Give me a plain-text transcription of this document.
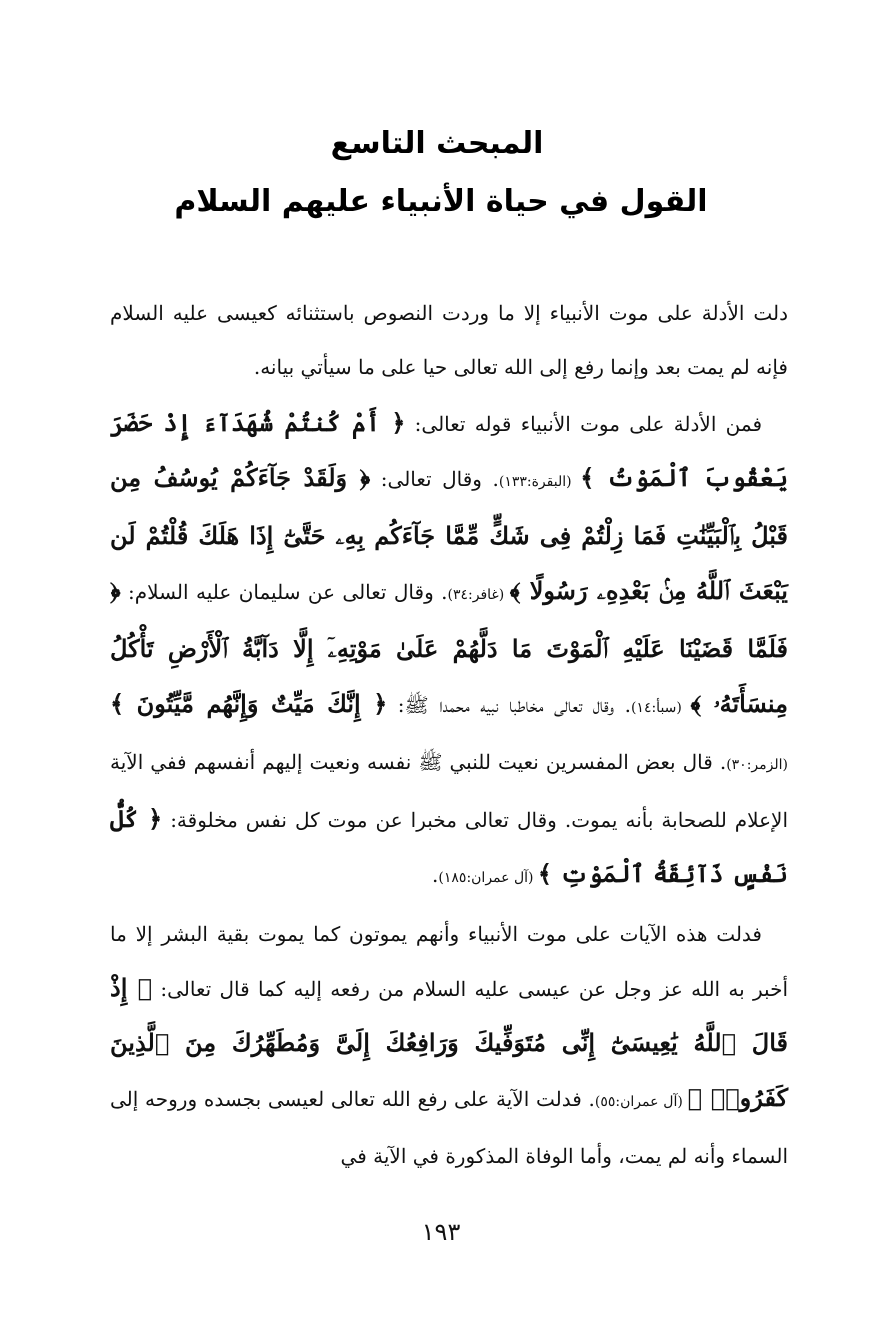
المبحث التاسع
القول في حياة الأنبياء عليهم السلام

دلت الأدلة على موت الأنبياء إلا ما وردت النصوص باستثنائه كعيسى عليه السلام فإنه لم يمت بعد وإنما رفع إلى الله تعالى حيا على ما سيأتي بيانه.

فمن الأدلة على موت الأنبياء قوله تعالى: ﴿ أَمْ كُنتُمْ شُهَدَآءَ إِذْ حَضَرَ يَعْقُوبَ ٱلْمَوْتُ ﴾ (البقرة:١٣٣). وقال تعالى: ﴿ وَلَقَدْ جَآءَكُمْ يُوسُفُ مِن قَبْلُ بِٱلْبَيِّنَٰتِ فَمَا زِلْتُمْ فِى شَكٍّ مِّمَّا جَآءَكُم بِهِۦ حَتَّىٰٓ إِذَا هَلَكَ قُلْتُمْ لَن يَبْعَثَ ٱللَّهُ مِنۢ بَعْدِهِۦ رَسُولًا ﴾ (غافر:٣٤). وقال تعالى عن سليمان عليه السلام: ﴿ فَلَمَّا قَضَيْنَا عَلَيْهِ ٱلْمَوْتَ مَا دَلَّهُمْ عَلَىٰ مَوْتِهِۦٓ إِلَّا دَآبَّةُ ٱلْأَرْضِ تَأْكُلُ مِنسَأَتَهُۥ ﴾ (سبأ:١٤). وقال تعالى مخاطبا نبيه محمدا ﷺ: ﴿ إِنَّكَ مَيِّتٌ وَإِنَّهُم مَّيِّتُونَ ﴾ (الزمر:٣٠). قال بعض المفسرين نعيت للنبي ﷺ نفسه ونعيت إليهم أنفسهم ففي الآية الإعلام للصحابة بأنه يموت. وقال تعالى مخبرا عن موت كل نفس مخلوقة: ﴿ كُلُّ نَفْسٍ ذَآئِقَةُ ٱلْمَوْتِ ﴾ (آل عمران:١٨٥).

فدلت هذه الآيات على موت الأنبياء وأنهم يموتون كما يموت بقية البشر إلا ما أخبر به الله عز وجل عن عيسى عليه السلام من رفعه إليه كما قال تعالى: ﴿ إِذْ قَالَ ٱللَّهُ يَٰعِيسَىٰٓ إِنِّى مُتَوَفِّيكَ وَرَافِعُكَ إِلَىَّ وَمُطَهِّرُكَ مِنَ ٱلَّذِينَ كَفَرُوا۟ ﴾ (آل عمران:٥٥). فدلت الآية على رفع الله تعالى لعيسى بجسده وروحه إلى السماء وأنه لم يمت، وأما الوفاة المذكورة في الآية في

١٩٣
